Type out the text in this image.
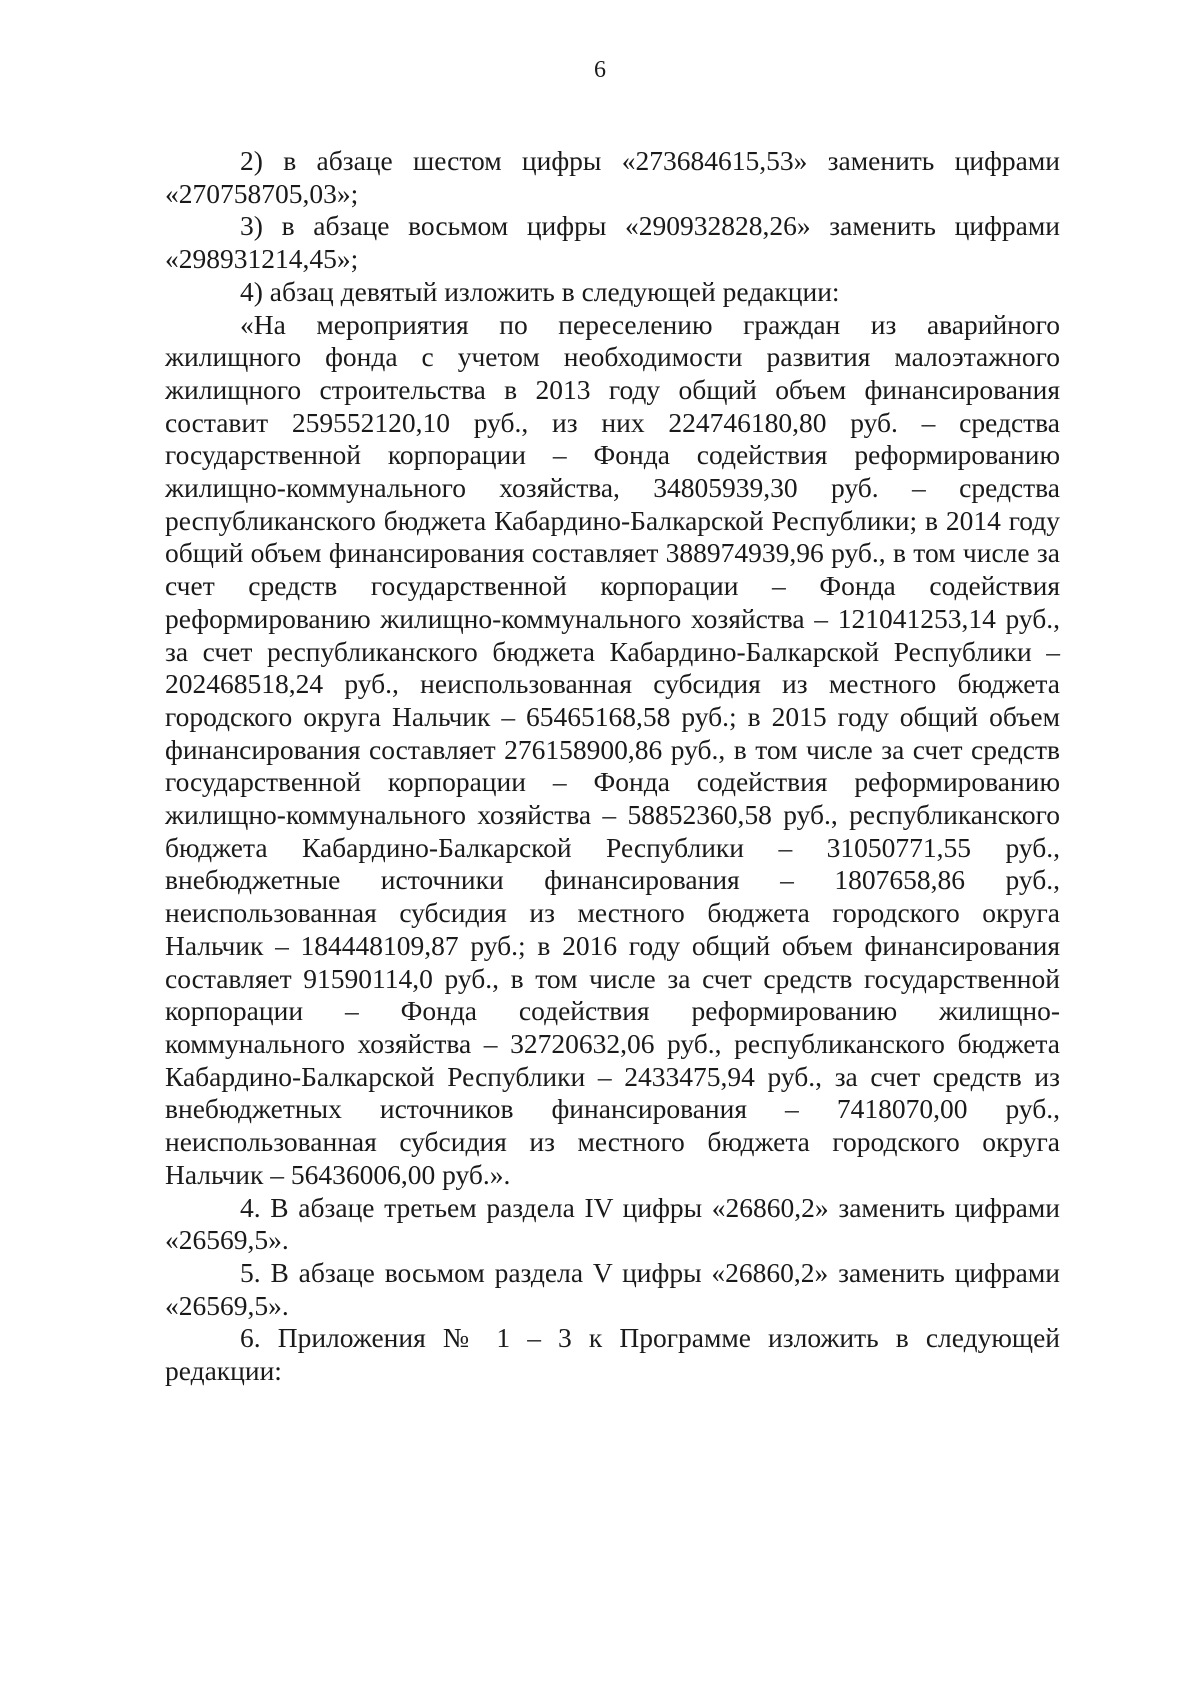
6

2) в абзаце шестом цифры «273684615,53» заменить цифрами «270758705,03»;

3) в абзаце восьмом цифры «290932828,26» заменить цифрами «298931214,45»;

4) абзац девятый изложить в следующей редакции:

«На мероприятия по переселению граждан из аварийного жилищного фонда с учетом необходимости развития малоэтажного жилищного строительства в 2013 году общий объем финансирования составит 259552120,10 руб., из них 224746180,80 руб. – средства государственной корпорации – Фонда содействия реформированию жилищно-коммунального хозяйства, 34805939,30 руб. – средства республиканского бюджета Кабардино-Балкарской Республики; в 2014 году общий объем финансирования составляет 388974939,96 руб., в том числе за счет средств государственной корпорации – Фонда содействия реформированию жилищно-коммунального хозяйства – 121041253,14 руб., за счет республиканского бюджета Кабардино-Балкарской Республики – 202468518,24 руб., неиспользованная субсидия из местного бюджета городского округа Нальчик – 65465168,58 руб.; в 2015 году общий объем финансирования составляет 276158900,86 руб., в том числе за счет средств государственной корпорации – Фонда содействия реформированию жилищно-коммунального хозяйства – 58852360,58 руб., республиканского бюджета Кабардино-Балкарской Республики – 31050771,55 руб., внебюджетные источники финансирования – 1807658,86 руб., неиспользованная субсидия из местного бюджета городского округа Нальчик – 184448109,87 руб.; в 2016 году общий объем финансирования составляет 91590114,0 руб., в том числе за счет средств государственной корпорации – Фонда содействия реформированию жилищно-коммунального хозяйства – 32720632,06 руб., республиканского бюджета Кабардино-Балкарской Республики – 2433475,94 руб., за счет средств из внебюджетных источников финансирования – 7418070,00 руб., неиспользованная субсидия из местного бюджета городского округа Нальчик – 56436006,00 руб.».

4. В абзаце третьем раздела IV цифры «26860,2» заменить цифрами «26569,5».

5. В абзаце восьмом раздела V цифры «26860,2» заменить цифрами «26569,5».

6. Приложения № 1 – 3 к Программе изложить в следующей редакции:
